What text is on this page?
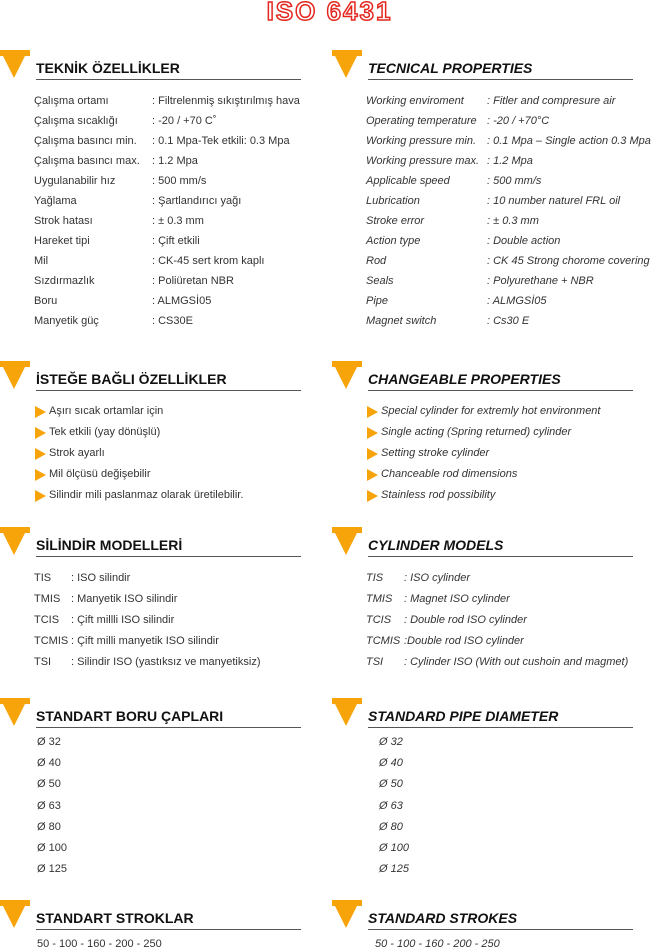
ISO 6431
TEKNİK ÖZELLİKLER	TECNICAL PROPERTIES
Çalışma ortamı	: Filtrelenmiş sıkıştırılmış hava
Çalışma sıcaklığı	: -20 / +70 C˚
Çalışma basıncı min. : 0.1 Mpa-Tek etkili: 0.3 Mpa
Çalışma basıncı max. : 1.2 Mpa
Uygulanabilir hız	: 500 mm/s
Yağlama	: Şartlandırıcı yağı
Strok hatası	: ± 0.3 mm
Hareket tipi	: Çift etkili
Mil	: CK-45 sert krom kaplı
Sızdırmazlık	: Poliüretan NBR
Boru	: ALMGSİ05
Manyetik güç	: CS30E
Working enviroment : Fitler and compresure air
Operating temperature : -20 / +70°C
Working pressure min. : 0.1 Mpa – Single action 0.3 Mpa
Working pressure max. : 1.2 Mpa
Applicable speed	: 500 mm/s
Lubrication	: 10 number naturel FRL oil
Stroke error	: ± 0.3 mm
Action type	: Double action
Rod	: CK 45 Strong chorome covering
Seals	: Polyurethane + NBR
Pipe	: ALMGSİ05
Magnet switch	: Cs30 E
İSTEĞE BAĞLI ÖZELLİKLER	CHANGEABLE PROPERTIES
Aşırı sıcak ortamlar için
Tek etkili (yay dönüşlü)
Strok ayarlı
Mil ölçüsü değişebilir
Silindir mili paslanmaz olarak üretilebilir.
Special cylinder for extremly hot environment
Single acting (Spring returned) cylinder
Setting stroke cylinder
Chanceable rod dimensions
Stainless rod possibility
SİLİNDİR MODELLERİ	CYLINDER MODELS
TIS : ISO silindir
TMIS : Manyetik ISO silindir
TCIS : Çift millli ISO silindir
TCMIS : Çift milli manyetik ISO silindir
TSI : Silindir ISO (yastıksız ve manyetiksiz)
TIS : ISO cylinder
TMIS : Magnet ISO cylinder
TCIS : Double rod ISO cylinder
TCMIS :Double rod ISO cylinder
TSI : Cylinder ISO (With out cushoin and magmet)
STANDART BORU ÇAPLARI	STANDARD PIPE DIAMETER
Ø 32
Ø 40
Ø 50
Ø 63
Ø 80
Ø 100
Ø 125
Ø 32
Ø 40
Ø 50
Ø 63
Ø 80
Ø 100
Ø 125
STANDART STROKLAR	STANDARD STROKES
50 - 100 - 160 - 200 - 250	50 - 100 - 160 - 200 - 250
